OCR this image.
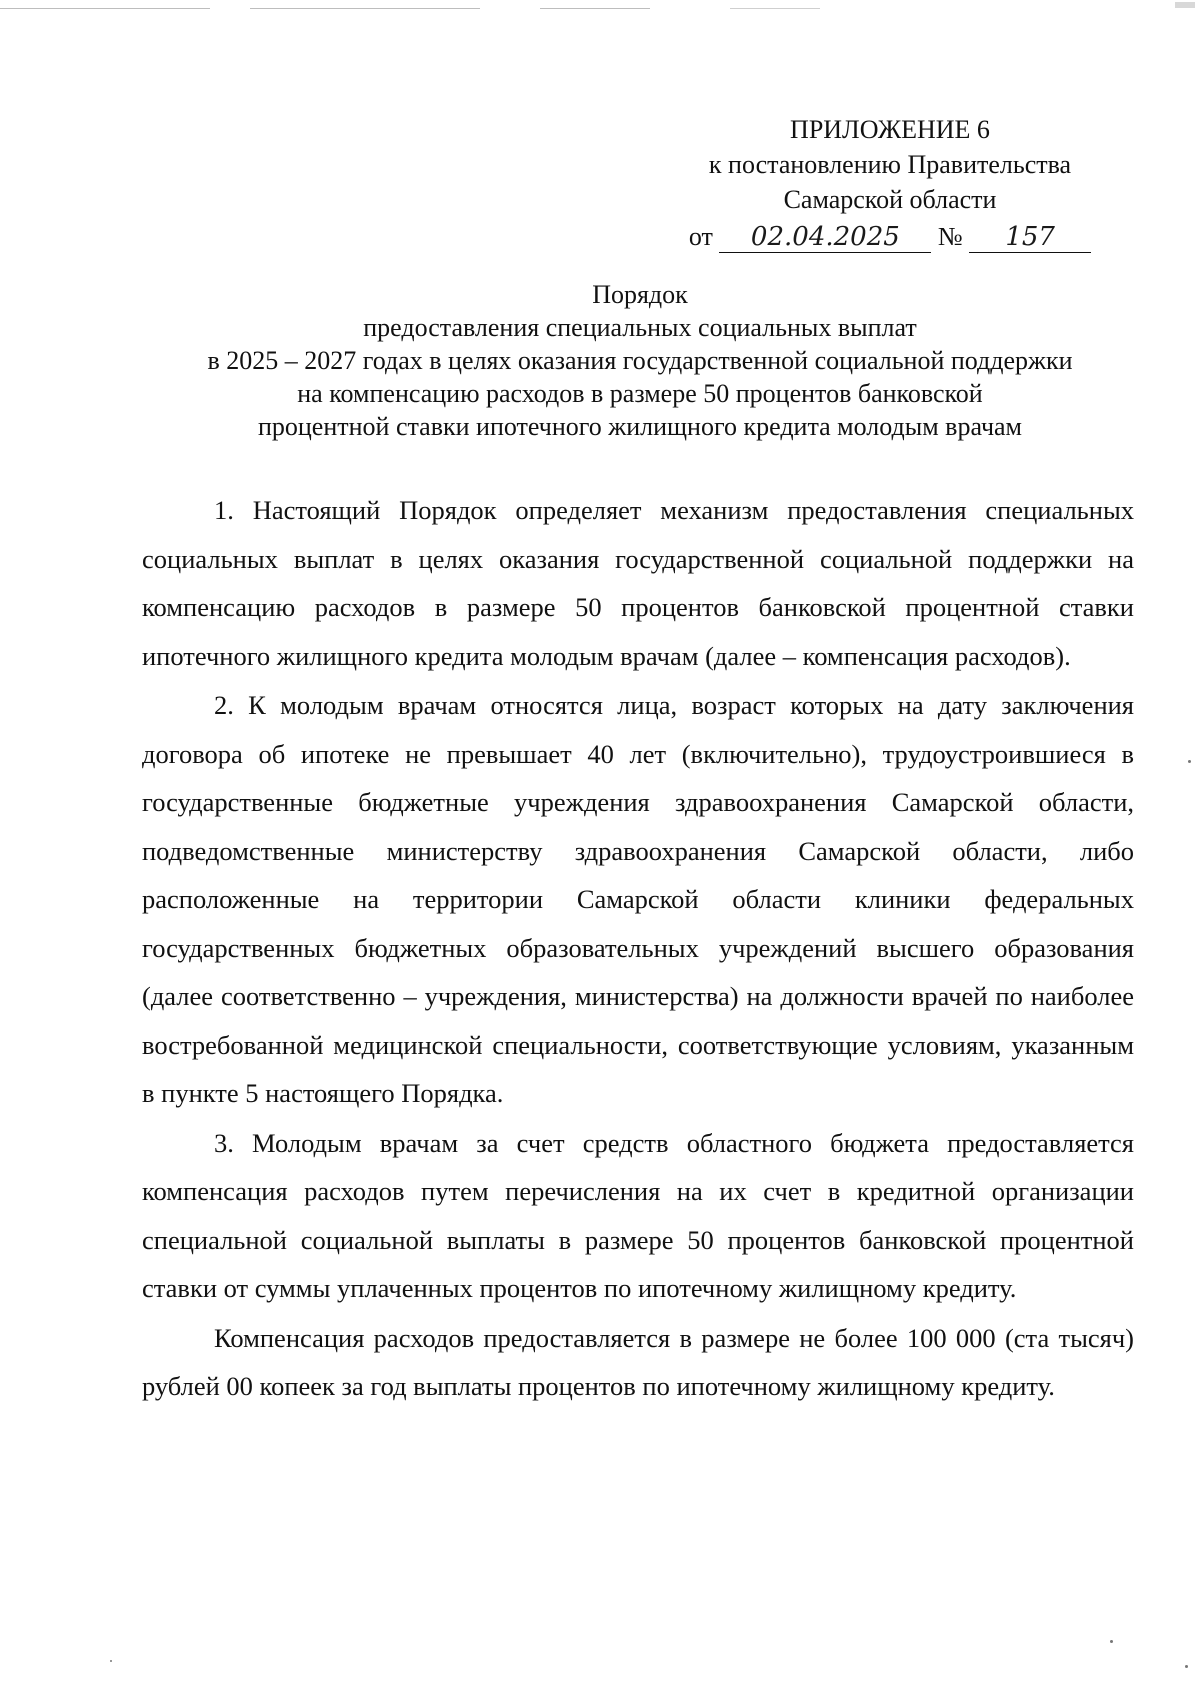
ПРИЛОЖЕНИЕ 6
к постановлению Правительства
Самарской области
от 02.04.2025 № 157
Порядок
предоставления специальных социальных выплат
в 2025 – 2027 годах в целях оказания государственной социальной поддержки
на компенсацию расходов в размере 50 процентов банковской
процентной ставки ипотечного жилищного кредита молодым врачам

1. Настоящий Порядок определяет механизм предоставления специальных социальных выплат в целях оказания государственной социальной поддержки на компенсацию расходов в размере 50 процентов банковской процентной ставки ипотечного жилищного кредита молодым врачам (далее – компенсация расходов).

2. К молодым врачам относятся лица, возраст которых на дату заключения договора об ипотеке не превышает 40 лет (включительно), трудоустроившиеся в государственные бюджетные учреждения здравоохранения Самарской области, подведомственные министерству здравоохранения Самарской области, либо расположенные на территории Самарской области клиники федеральных государственных бюджетных образовательных учреждений высшего образования (далее соответственно – учреждения, министерства) на должности врачей по наиболее востребованной медицинской специальности, соответствующие условиям, указанным в пункте 5 настоящего Порядка.

3. Молодым врачам за счет средств областного бюджета предоставляется компенсация расходов путем перечисления на их счет в кредитной организации специальной социальной выплаты в размере 50 процентов банковской процентной ставки от суммы уплаченных процентов по ипотечному жилищному кредиту.

Компенсация расходов предоставляется в размере не более 100 000 (ста тысяч) рублей 00 копеек за год выплаты процентов по ипотечному жилищному кредиту.
